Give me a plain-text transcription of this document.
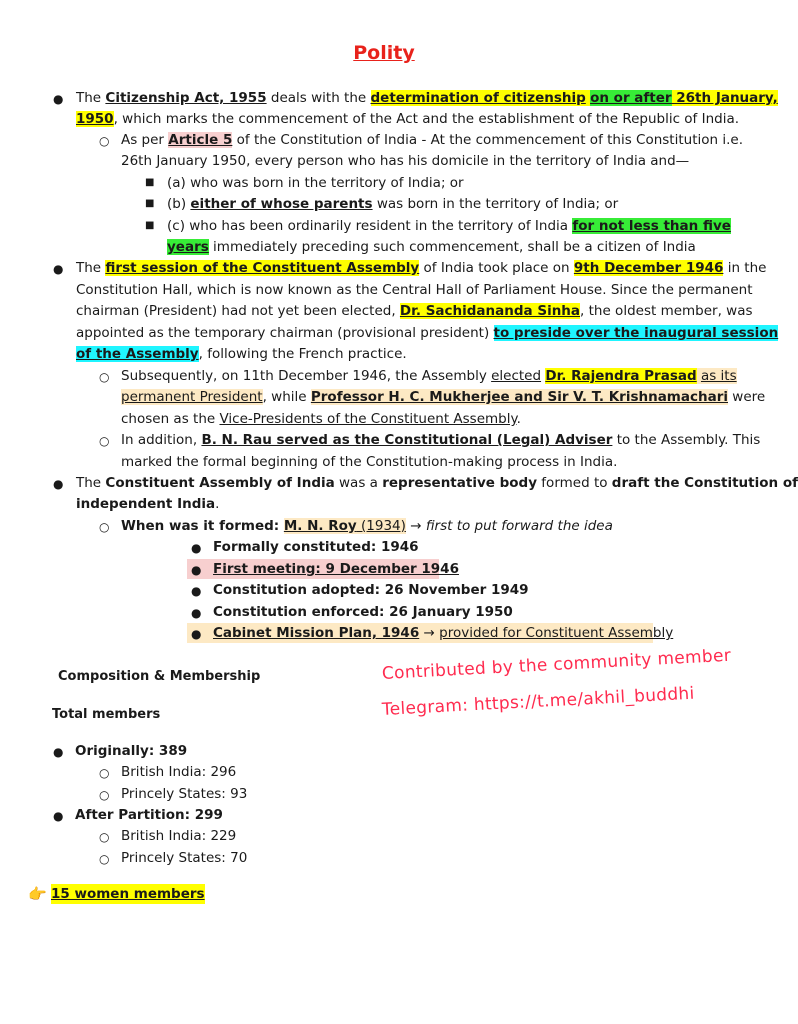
Polity
● The Citizenship Act, 1955 deals with the determination of citizenship on or after 26th January,
1950, which marks the commencement of the Act and the establishment of the Republic of India.
○ As per Article 5 of the Constitution of India - At the commencement of this Constitution i.e.
26th January 1950, every person who has his domicile in the territory of India and—
■ (a) who was born in the territory of India; or
■ (b) either of whose parents was born in the territory of India; or
■ (c) who has been ordinarily resident in the territory of India for not less than five
years immediately preceding such commencement, shall be a citizen of India
● The first session of the Constituent Assembly of India took place on 9th December 1946 in the
Constitution Hall, which is now known as the Central Hall of Parliament House. Since the permanent
chairman (President) had not yet been elected, Dr. Sachidananda Sinha, the oldest member, was
appointed as the temporary chairman (provisional president) to preside over the inaugural session
of the Assembly, following the French practice.
○ Subsequently, on 11th December 1946, the Assembly elected Dr. Rajendra Prasad as its
permanent President, while Professor H. C. Mukherjee and Sir V. T. Krishnamachari were
chosen as the Vice-Presidents of the Constituent Assembly.
○ In addition, B. N. Rau served as the Constitutional (Legal) Adviser to the Assembly. This
marked the formal beginning of the Constitution-making process in India.
● The Constituent Assembly of India was a representative body formed to draft the Constitution of
independent India.
○ When was it formed: M. N. Roy (1934) → first to put forward the idea
● Formally constituted: 1946
● First meeting: 9 December 1946
● Constitution adopted: 26 November 1949
● Constitution enforced: 26 January 1950
● Cabinet Mission Plan, 1946 → provided for Constituent Assembly
Composition & Membership
Total members
● Originally: 389
○ British India: 296
○ Princely States: 93
● After Partition: 299
○ British India: 229
○ Princely States: 70
👉 15 women members
Contributed by the community member
Telegram: https://t.me/akhil_buddhi
